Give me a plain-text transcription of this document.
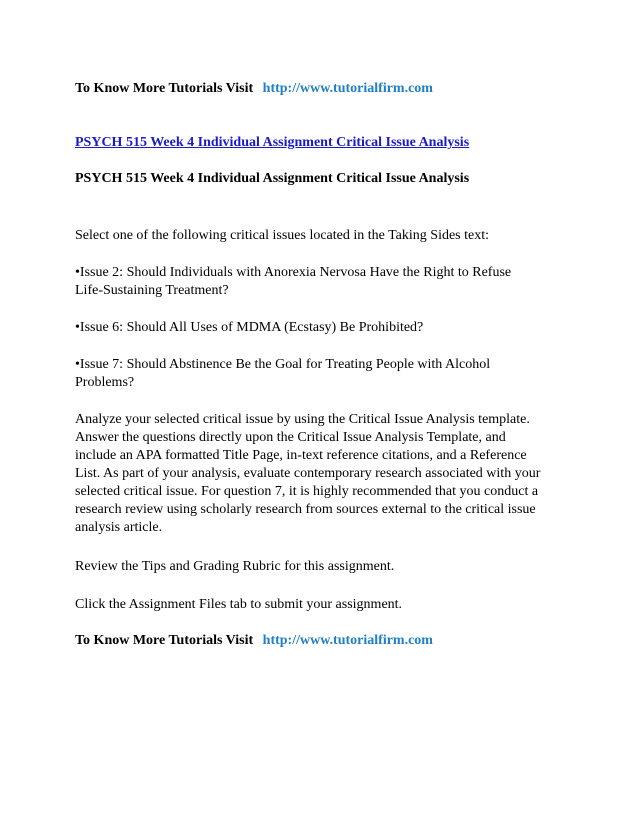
To Know More Tutorials Visit http://www.tutorialfirm.com
PSYCH 515 Week 4 Individual Assignment Critical Issue Analysis
PSYCH 515 Week 4 Individual Assignment Critical Issue Analysis
Select one of the following critical issues located in the Taking Sides text:
•Issue 2: Should Individuals with Anorexia Nervosa Have the Right to Refuse
Life-Sustaining Treatment?
•Issue 6: Should All Uses of MDMA (Ecstasy) Be Prohibited?
•Issue 7: Should Abstinence Be the Goal for Treating People with Alcohol
Problems?
Analyze your selected critical issue by using the Critical Issue Analysis template.
Answer the questions directly upon the Critical Issue Analysis Template, and
include an APA formatted Title Page, in-text reference citations, and a Reference
List. As part of your analysis, evaluate contemporary research associated with your
selected critical issue. For question 7, it is highly recommended that you conduct a
research review using scholarly research from sources external to the critical issue
analysis article.
Review the Tips and Grading Rubric for this assignment.
Click the Assignment Files tab to submit your assignment.
To Know More Tutorials Visit http://www.tutorialfirm.com
